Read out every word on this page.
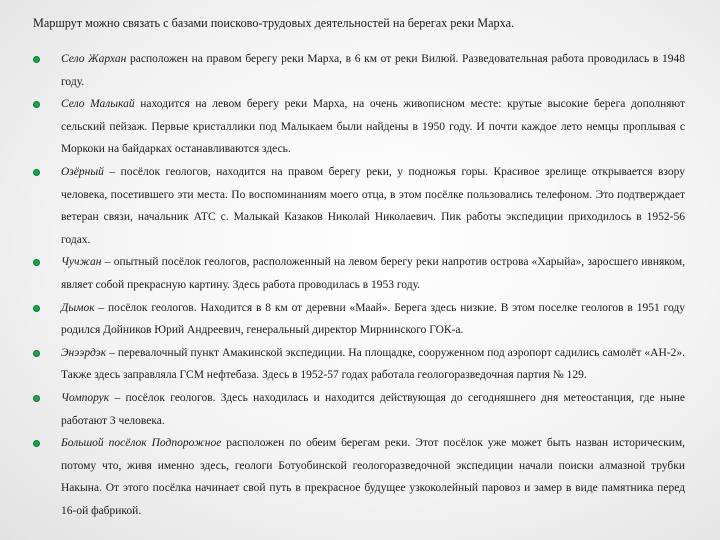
Маршрут можно связать с базами поисково-трудовых деятельностей на берегах реки Марха.
Село Жархан расположен на правом берегу реки Марха, в 6 км от реки Вилюй. Разведовательная работа проводилась в 1948 году.
Село Малыкай находится на левом берегу реки Марха, на очень живописном месте: крутые высокие берега дополняют сельский пейзаж. Первые кристаллики под Малыкаем были найдены в 1950 году. И почти каждое лето немцы проплывая с Моркоки на байдарках останавливаются здесь.
Озёрный – посёлок геологов, находится на правом берегу реки, у подножья горы. Красивое зрелище открывается взору человека, посетившего эти места. По воспоминаниям моего отца, в этом посёлке пользовались телефоном. Это подтверждает ветеран связи, начальник АТС с. Малыкай Казаков Николай Николаевич. Пик работы экспедиции приходилось в 1952-56 годах.
Чучжан – опытный посёлок геологов, расположенный на левом берегу реки напротив острова «Харыйа», заросшего ивняком, являет собой прекрасную картину. Здесь работа проводилась в 1953 году.
Дымок – посёлок геологов. Находится в 8 км от деревни «Маай». Берега здесь низкие. В этом поселке геологов в 1951 году родился Дойников Юрий Андреевич, генеральный директор Мирнинского ГОК-а.
Энээрдэк – перевалочный пункт Амакинской экспедиции. На площадке, сооруженном под аэропорт садились самолёт «АН-2». Также здесь заправляла ГСМ нефтебаза. Здесь в 1952-57 годах работала геологоразведочная партия № 129.
Чомпорук – посёлок геологов. Здесь находилась и находится действующая до сегодняшнего дня метеостанция, где ныне работают 3 человека.
Большой посёлок Подпорожное расположен по обеим берегам реки. Этот посёлок уже может быть назван историческим, потому что, живя именно здесь, геологи Ботуобинской геологоразведочной экспедиции начали поиски алмазной трубки Накына. От этого посёлка начинает свой путь в прекрасное будущее узкоколейный паровоз и замер в виде памятника перед 16-ой фабрикой.
